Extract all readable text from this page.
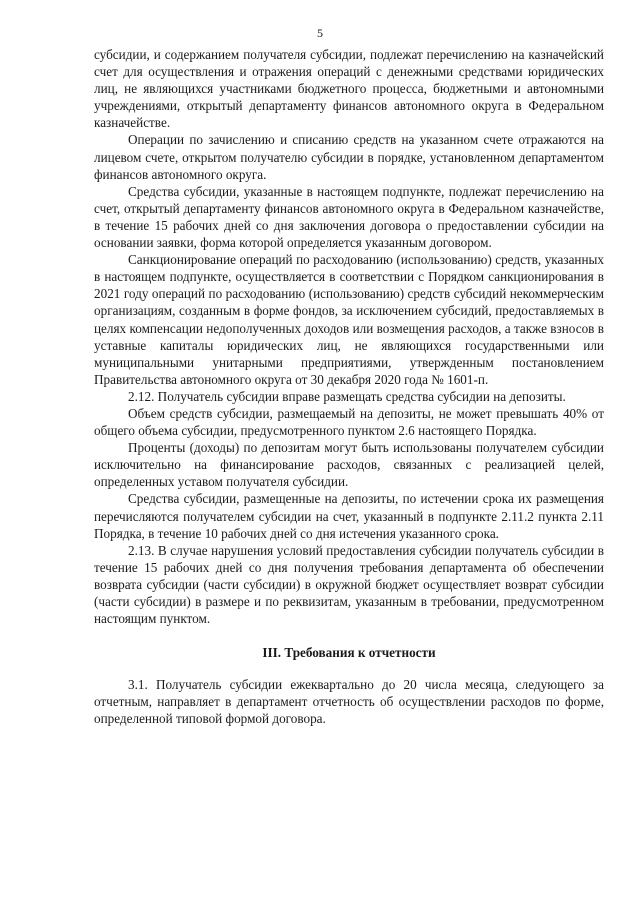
5

субсидии, и содержанием получателя субсидии, подлежат перечислению на казначейский счет для осуществления и отражения операций с денежными средствами юридических лиц, не являющихся участниками бюджетного процесса, бюджетными и автономными учреждениями, открытый департаменту финансов автономного округа в Федеральном казначействе.

Операции по зачислению и списанию средств на указанном счете отражаются на лицевом счете, открытом получателю субсидии в порядке, установленном департаментом финансов автономного округа.

Средства субсидии, указанные в настоящем подпункте, подлежат перечислению на счет, открытый департаменту финансов автономного округа в Федеральном казначействе, в течение 15 рабочих дней со дня заключения договора о предоставлении субсидии на основании заявки, форма которой определяется указанным договором.

Санкционирование операций по расходованию (использованию) средств, указанных в настоящем подпункте, осуществляется в соответствии с Порядком санкционирования в 2021 году операций по расходованию (использованию) средств субсидий некоммерческим организациям, созданным в форме фондов, за исключением субсидий, предоставляемых в целях компенсации недополученных доходов или возмещения расходов, а также взносов в уставные капиталы юридических лиц, не являющихся государственными или муниципальными унитарными предприятиями, утвержденным постановлением Правительства автономного округа от 30 декабря 2020 года № 1601-п.

2.12. Получатель субсидии вправе размещать средства субсидии на депозиты.

Объем средств субсидии, размещаемый на депозиты, не может превышать 40% от общего объема субсидии, предусмотренного пунктом 2.6 настоящего Порядка.

Проценты (доходы) по депозитам могут быть использованы получателем субсидии исключительно на финансирование расходов, связанных с реализацией целей, определенных уставом получателя субсидии.

Средства субсидии, размещенные на депозиты, по истечении срока их размещения перечисляются получателем субсидии на счет, указанный в подпункте 2.11.2 пункта 2.11 Порядка, в течение 10 рабочих дней со дня истечения указанного срока.

2.13. В случае нарушения условий предоставления субсидии получатель субсидии в течение 15 рабочих дней со дня получения требования департамента об обеспечении возврата субсидии (части субсидии) в окружной бюджет осуществляет возврат субсидии (части субсидии) в размере и по реквизитам, указанным в требовании, предусмотренном настоящим пунктом.

III. Требования к отчетности

3.1. Получатель субсидии ежеквартально до 20 числа месяца, следующего за отчетным, направляет в департамент отчетность об осуществлении расходов по форме, определенной типовой формой договора.
